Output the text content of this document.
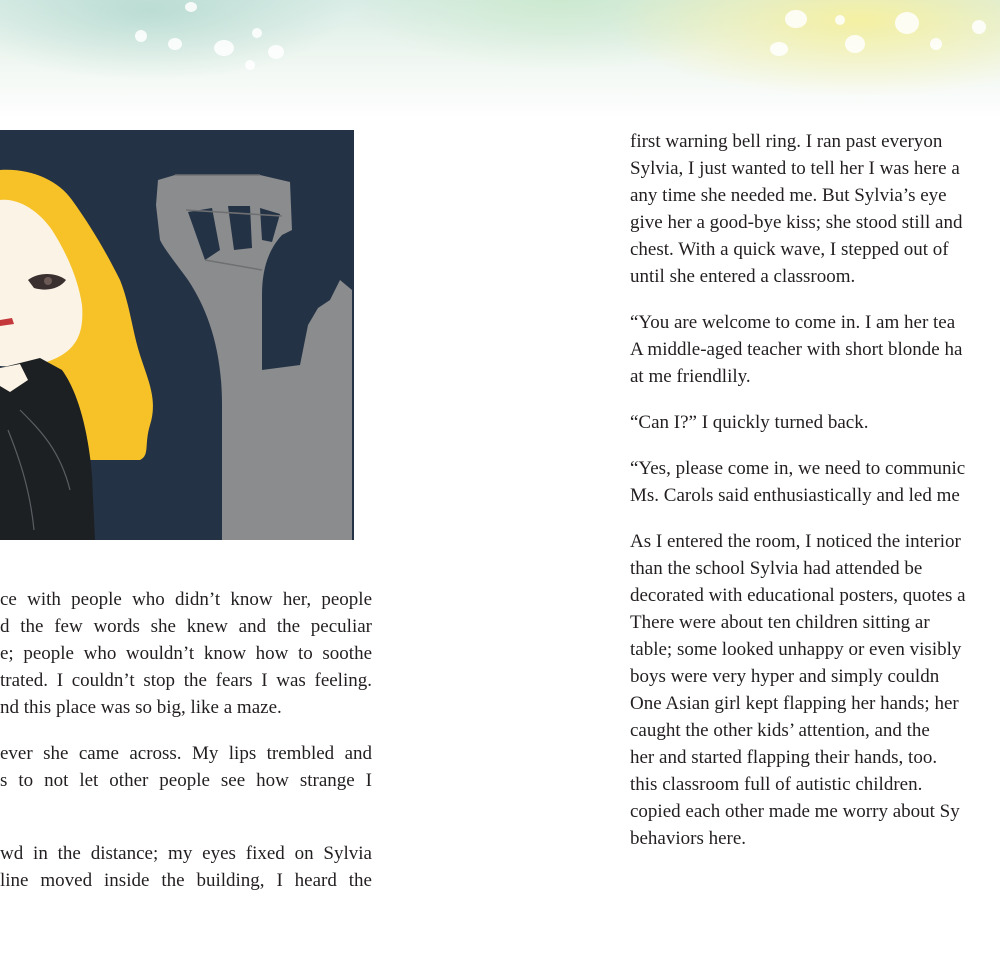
ce with people who didn’t know her, people
d the few words she knew and the peculiar
e; people who wouldn’t know how to soothe
trated. I couldn’t stop the fears I was feeling.
nd this place was so big, like a maze.

ever she came across. My lips trembled and
s to not let other people see how strange I

wd in the distance; my eyes fixed on Sylvia
line moved inside the building, I heard the

first warning bell ring. I ran past everyon
Sylvia, I just wanted to tell her I was here a
any time she needed me. But Sylvia’s eye
give her a good-bye kiss; she stood still and
chest. With a quick wave, I stepped out of
until she entered a classroom.

“You are welcome to come in. I am her tea
A middle-aged teacher with short blonde ha
at me friendlily.

“Can I?” I quickly turned back.

“Yes, please come in, we need to communic
Ms. Carols said enthusiastically and led me

As I entered the room, I noticed the interior
than the school Sylvia had attended be
decorated with educational posters, quotes a
There were about ten children sitting ar
table; some looked unhappy or even visibly
boys were very hyper and simply couldn
One Asian girl kept flapping her hands; her
caught the other kids’ attention, and the
her and started flapping their hands, too.
this classroom full of autistic children.
copied each other made me worry about Sy
behaviors here.
